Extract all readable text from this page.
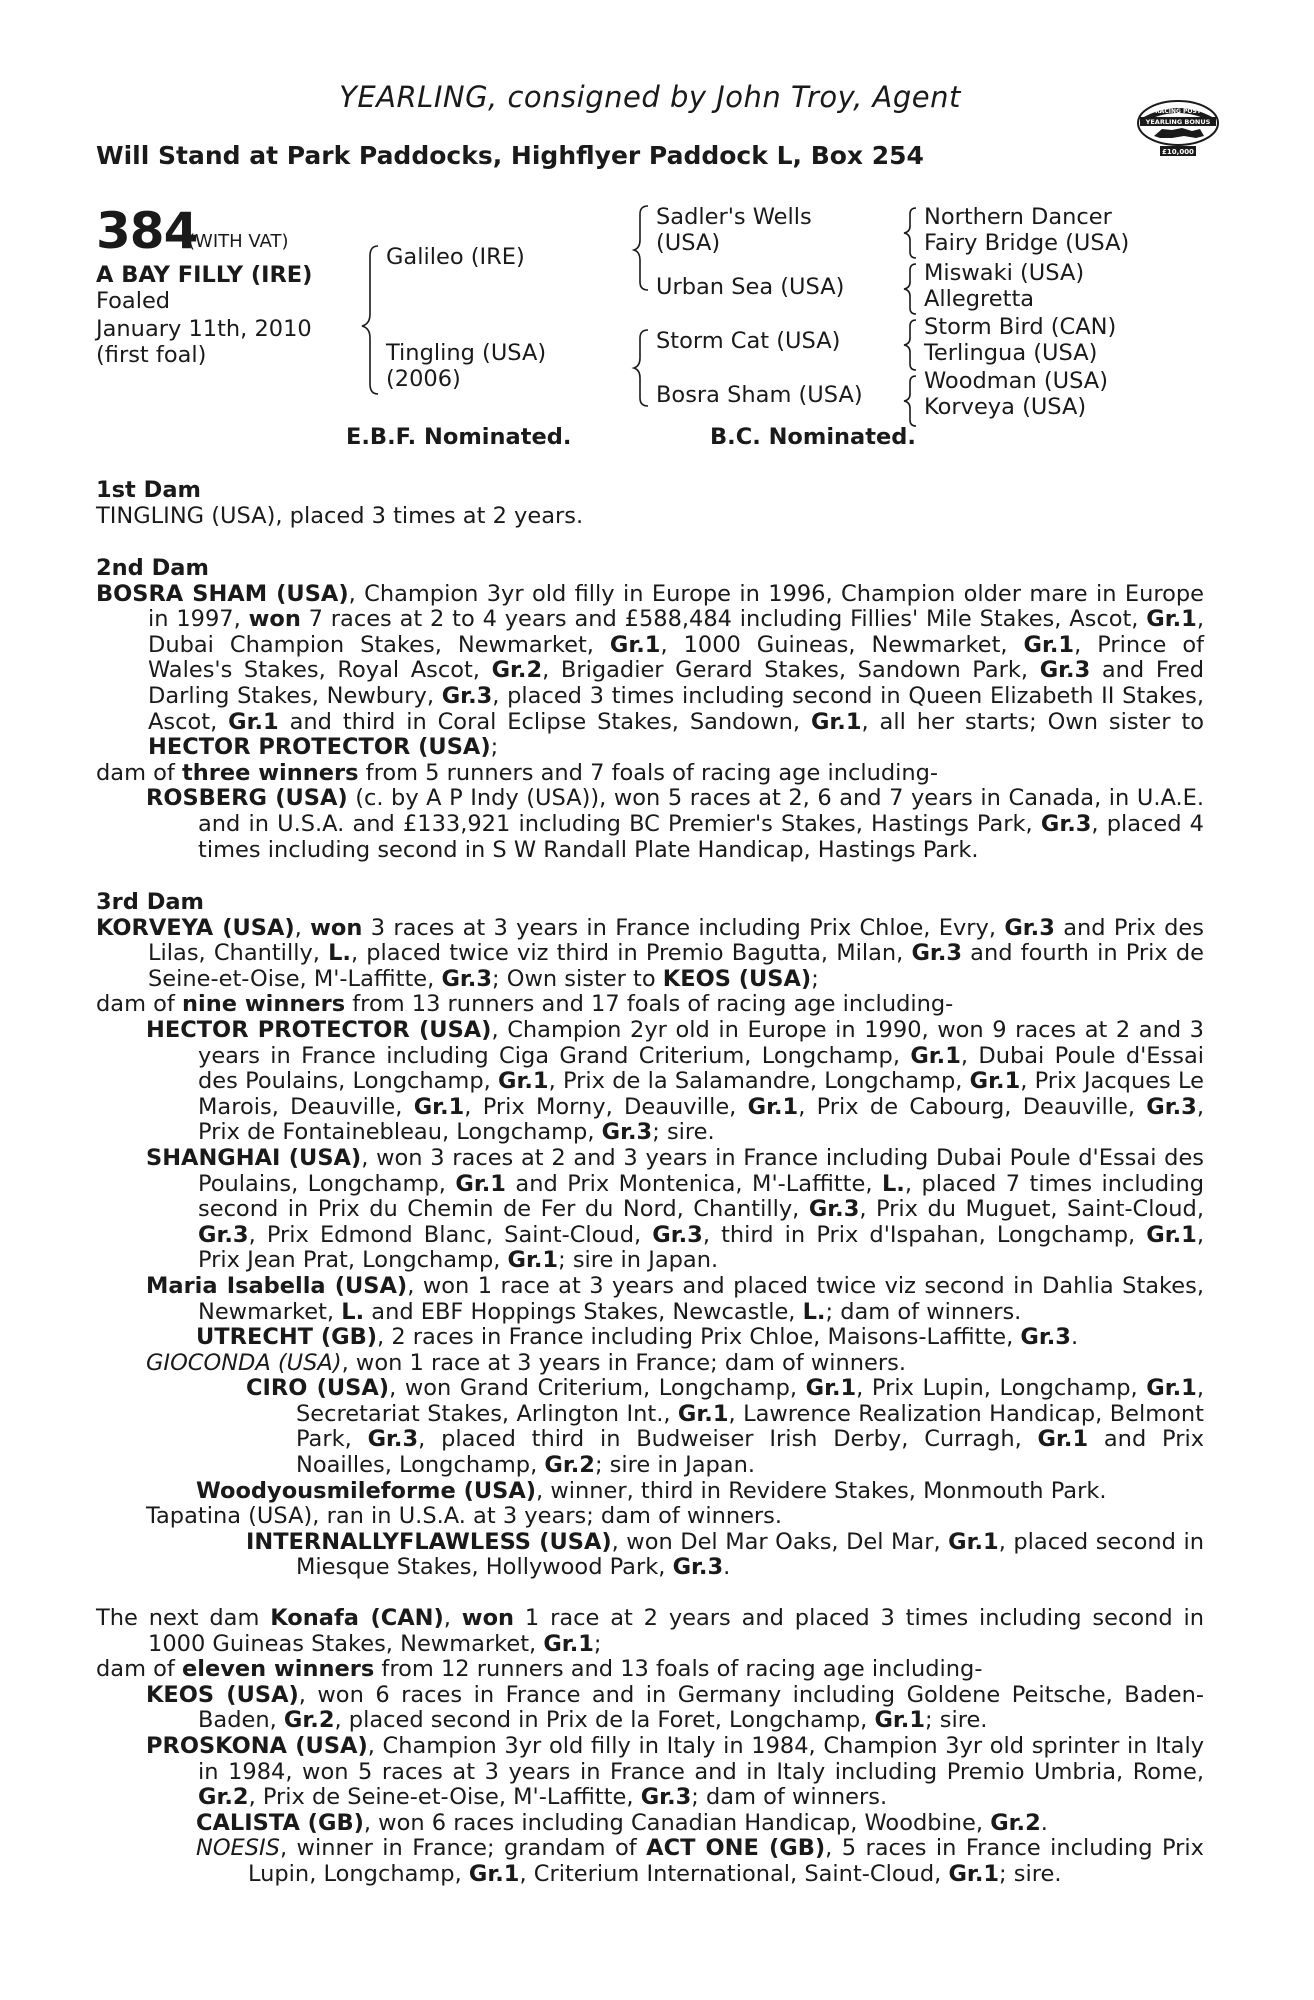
YEARLING, consigned by John Troy, Agent
Will Stand at Park Paddocks, Highflyer Paddock L, Box 254
RACING POST
YEARLING BONUS
£10,000
384
(WITH VAT)
A BAY FILLY (IRE)
Foaled
January 11th, 2010
(first foal)
Galileo (IRE)
Tingling (USA)
(2006)
Sadler's Wells
(USA)
Urban Sea (USA)
Storm Cat (USA)
Bosra Sham (USA)
Northern Dancer
Fairy Bridge (USA)
Miswaki (USA)
Allegretta
Storm Bird (CAN)
Terlingua (USA)
Woodman (USA)
Korveya (USA)
E.B.F. Nominated.	B.C. Nominated.
1st Dam
TINGLING (USA), placed 3 times at 2 years.
2nd Dam
BOSRA SHAM (USA), Champion 3yr old filly in Europe in 1996, Champion older mare in Europe in 1997, won 7 races at 2 to 4 years and £588,484 including Fillies' Mile Stakes, Ascot, Gr.1, Dubai Champion Stakes, Newmarket, Gr.1, 1000 Guineas, Newmarket, Gr.1, Prince of Wales's Stakes, Royal Ascot, Gr.2, Brigadier Gerard Stakes, Sandown Park, Gr.3 and Fred Darling Stakes, Newbury, Gr.3, placed 3 times including second in Queen Elizabeth II Stakes, Ascot, Gr.1 and third in Coral Eclipse Stakes, Sandown, Gr.1, all her starts; Own sister to HECTOR PROTECTOR (USA);
dam of three winners from 5 runners and 7 foals of racing age including-
ROSBERG (USA) (c. by A P Indy (USA)), won 5 races at 2, 6 and 7 years in Canada, in U.A.E. and in U.S.A. and £133,921 including BC Premier's Stakes, Hastings Park, Gr.3, placed 4 times including second in S W Randall Plate Handicap, Hastings Park.
3rd Dam
KORVEYA (USA), won 3 races at 3 years in France including Prix Chloe, Evry, Gr.3 and Prix des Lilas, Chantilly, L., placed twice viz third in Premio Bagutta, Milan, Gr.3 and fourth in Prix de Seine-et-Oise, M'-Laffitte, Gr.3; Own sister to KEOS (USA);
dam of nine winners from 13 runners and 17 foals of racing age including-
HECTOR PROTECTOR (USA), Champion 2yr old in Europe in 1990, won 9 races at 2 and 3 years in France including Ciga Grand Criterium, Longchamp, Gr.1, Dubai Poule d'Essai des Poulains, Longchamp, Gr.1, Prix de la Salamandre, Longchamp, Gr.1, Prix Jacques Le Marois, Deauville, Gr.1, Prix Morny, Deauville, Gr.1, Prix de Cabourg, Deauville, Gr.3, Prix de Fontainebleau, Longchamp, Gr.3; sire.
SHANGHAI (USA), won 3 races at 2 and 3 years in France including Dubai Poule d'Essai des Poulains, Longchamp, Gr.1 and Prix Montenica, M'-Laffitte, L., placed 7 times including second in Prix du Chemin de Fer du Nord, Chantilly, Gr.3, Prix du Muguet, Saint-Cloud, Gr.3, Prix Edmond Blanc, Saint-Cloud, Gr.3, third in Prix d'Ispahan, Longchamp, Gr.1, Prix Jean Prat, Longchamp, Gr.1; sire in Japan.
Maria Isabella (USA), won 1 race at 3 years and placed twice viz second in Dahlia Stakes, Newmarket, L. and EBF Hoppings Stakes, Newcastle, L.; dam of winners.
UTRECHT (GB), 2 races in France including Prix Chloe, Maisons-Laffitte, Gr.3.
GIOCONDA (USA), won 1 race at 3 years in France; dam of winners.
CIRO (USA), won Grand Criterium, Longchamp, Gr.1, Prix Lupin, Longchamp, Gr.1, Secretariat Stakes, Arlington Int., Gr.1, Lawrence Realization Handicap, Belmont Park, Gr.3, placed third in Budweiser Irish Derby, Curragh, Gr.1 and Prix Noailles, Longchamp, Gr.2; sire in Japan.
Woodyousmileforme (USA), winner, third in Revidere Stakes, Monmouth Park.
Tapatina (USA), ran in U.S.A. at 3 years; dam of winners.
INTERNALLYFLAWLESS (USA), won Del Mar Oaks, Del Mar, Gr.1, placed second in Miesque Stakes, Hollywood Park, Gr.3.
The next dam Konafa (CAN), won 1 race at 2 years and placed 3 times including second in 1000 Guineas Stakes, Newmarket, Gr.1;
dam of eleven winners from 12 runners and 13 foals of racing age including-
KEOS (USA), won 6 races in France and in Germany including Goldene Peitsche, Baden-Baden, Gr.2, placed second in Prix de la Foret, Longchamp, Gr.1; sire.
PROSKONA (USA), Champion 3yr old filly in Italy in 1984, Champion 3yr old sprinter in Italy in 1984, won 5 races at 3 years in France and in Italy including Premio Umbria, Rome, Gr.2, Prix de Seine-et-Oise, M'-Laffitte, Gr.3; dam of winners.
CALISTA (GB), won 6 races including Canadian Handicap, Woodbine, Gr.2.
NOESIS, winner in France; grandam of ACT ONE (GB), 5 races in France including Prix Lupin, Longchamp, Gr.1, Criterium International, Saint-Cloud, Gr.1; sire.
